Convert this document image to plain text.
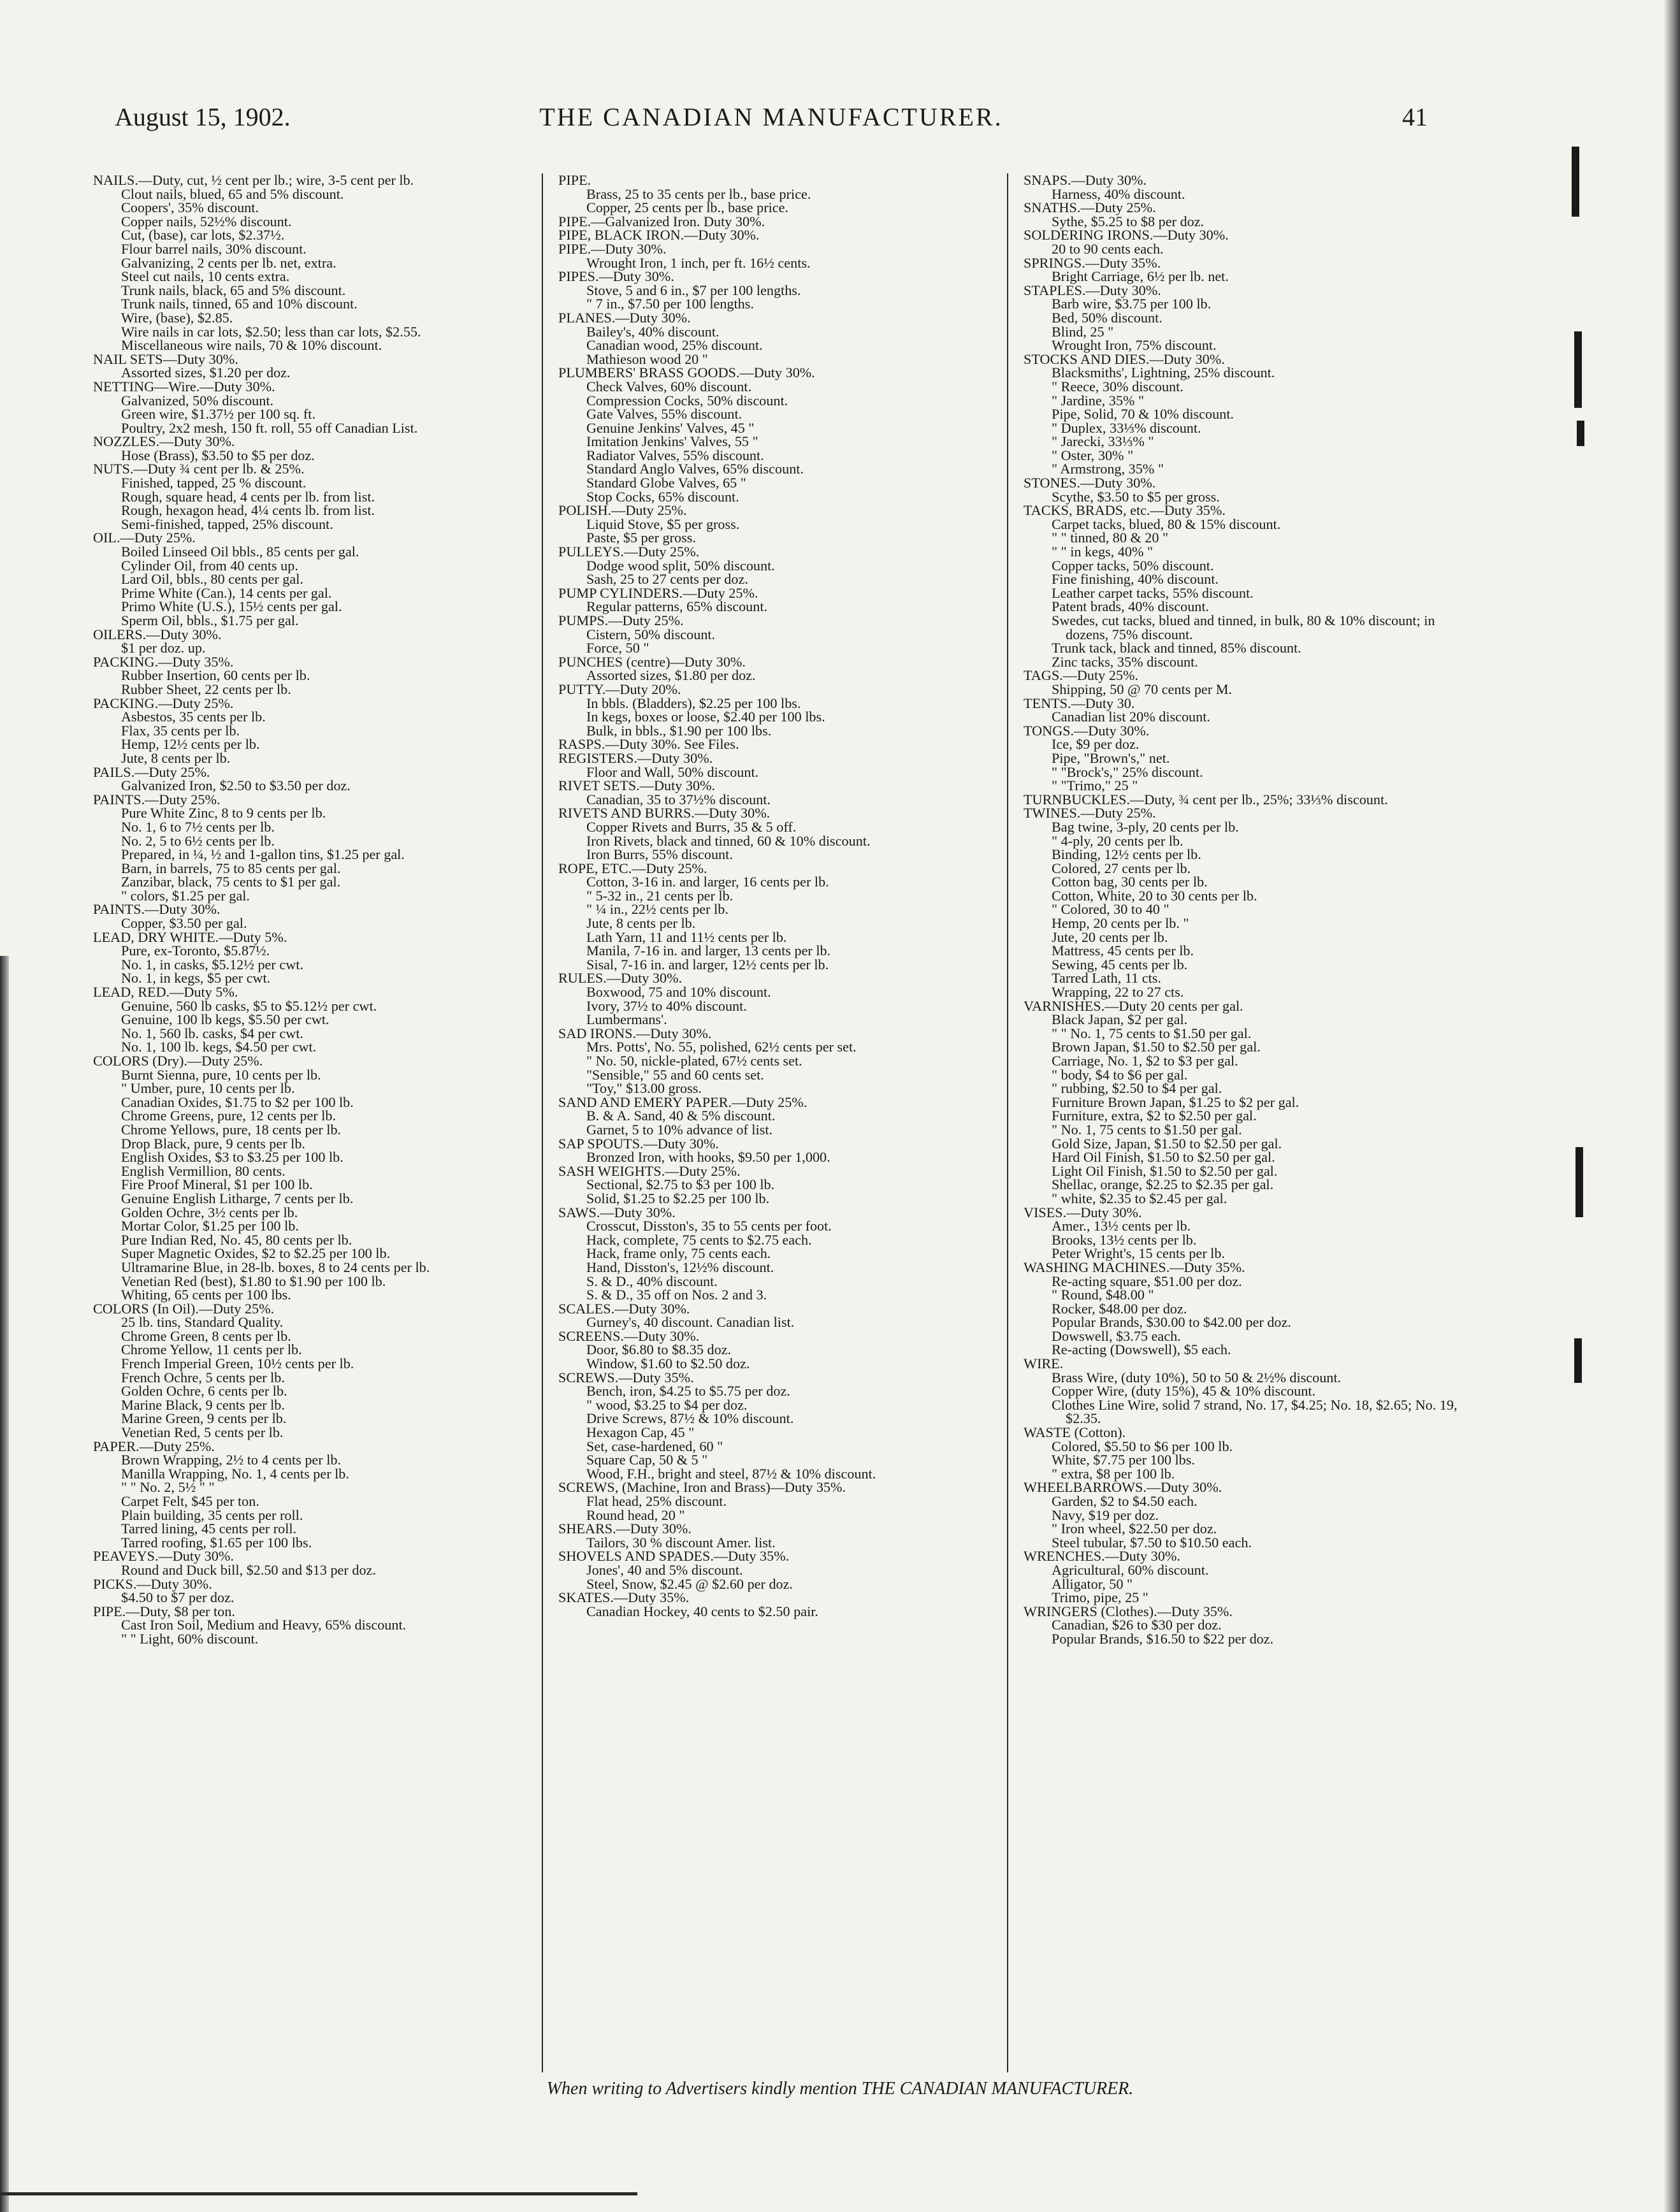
August 15, 1902.	THE CANADIAN MANUFACTURER.	41

NAILS.—Duty, cut, ½ cent per lb.; wire, 3-5 cent per lb.

Clout nails, blued, 65 and 5% discount.

Coopers', 35% discount.

Copper nails, 52½% discount.

Cut, (base), car lots, $2.37½.

Flour barrel nails, 30% discount.

Galvanizing, 2 cents per lb. net, extra.

Steel cut nails, 10 cents extra.

Trunk nails, black, 65 and 5% discount.

Trunk nails, tinned, 65 and 10% discount.

Wire, (base), $2.85.

Wire nails in car lots, $2.50; less than car lots, $2.55.

Miscellaneous wire nails, 70 & 10% discount.

NAIL SETS—Duty 30%.

Assorted sizes, $1.20 per doz.

NETTING—Wire.—Duty 30%.

Galvanized, 50% discount.

Green wire, $1.37½ per 100 sq. ft.

Poultry, 2x2 mesh, 150 ft. roll, 55 off Canadian List.

NOZZLES.—Duty 30%.

Hose (Brass), $3.50 to $5 per doz.

NUTS.—Duty ¾ cent per lb. & 25%.

Finished, tapped, 25 % discount.

Rough, square head, 4 cents per lb. from list.

Rough, hexagon head, 4¼ cents lb. from list.

Semi-finished, tapped, 25% discount.

OIL.—Duty 25%.

Boiled Linseed Oil bbls., 85 cents per gal.

Cylinder Oil, from 40 cents up.

Lard Oil, bbls., 80 cents per gal.

Prime White (Can.), 14 cents per gal.

Primo White (U.S.), 15½ cents per gal.

Sperm Oil, bbls., $1.75 per gal.

OILERS.—Duty 30%.

$1 per doz. up.

PACKING.—Duty 35%.

Rubber Insertion, 60 cents per lb.

Rubber Sheet, 22 cents per lb.

PACKING.—Duty 25%.

Asbestos, 35 cents per lb.

Flax, 35 cents per lb.

Hemp, 12½ cents per lb.

Jute, 8 cents per lb.

PAILS.—Duty 25%.

Galvanized Iron, $2.50 to $3.50 per doz.

PAINTS.—Duty 25%.

Pure White Zinc, 8 to 9 cents per lb.

No. 1, 6 to 7½ cents per lb.

No. 2, 5 to 6½ cents per lb.

Prepared, in ¼, ½ and 1-gallon tins, $1.25 per gal.

Barn, in barrels, 75 to 85 cents per gal.

Zanzibar, black, 75 cents to $1 per gal.

" colors, $1.25 per gal.

PAINTS.—Duty 30%.

Copper, $3.50 per gal.

LEAD, DRY WHITE.—Duty 5%.

Pure, ex-Toronto, $5.87½.

No. 1, in casks, $5.12½ per cwt.

No. 1, in kegs, $5 per cwt.

LEAD, RED.—Duty 5%.

Genuine, 560 lb casks, $5 to $5.12½ per cwt.

Genuine, 100 lb kegs, $5.50 per cwt.

No. 1, 560 lb. casks, $4 per cwt.

No. 1, 100 lb. kegs, $4.50 per cwt.

COLORS (Dry).—Duty 25%.

Burnt Sienna, pure, 10 cents per lb.

" Umber, pure, 10 cents per lb.

Canadian Oxides, $1.75 to $2 per 100 lb.

Chrome Greens, pure, 12 cents per lb.

Chrome Yellows, pure, 18 cents per lb.

Drop Black, pure, 9 cents per lb.

English Oxides, $3 to $3.25 per 100 lb.

English Vermillion, 80 cents.

Fire Proof Mineral, $1 per 100 lb.

Genuine English Litharge, 7 cents per lb.

Golden Ochre, 3½ cents per lb.

Mortar Color, $1.25 per 100 lb.

Pure Indian Red, No. 45, 80 cents per lb.

Super Magnetic Oxides, $2 to $2.25 per 100 lb.

Ultramarine Blue, in 28-lb. boxes, 8 to 24 cents per lb.

Venetian Red (best), $1.80 to $1.90 per 100 lb.

Whiting, 65 cents per 100 lbs.

COLORS (In Oil).—Duty 25%.

25 lb. tins, Standard Quality.

Chrome Green, 8 cents per lb.

Chrome Yellow, 11 cents per lb.

French Imperial Green, 10½ cents per lb.

French Ochre, 5 cents per lb.

Golden Ochre, 6 cents per lb.

Marine Black, 9 cents per lb.

Marine Green, 9 cents per lb.

Venetian Red, 5 cents per lb.

PAPER.—Duty 25%.

Brown Wrapping, 2½ to 4 cents per lb.

Manilla Wrapping, No. 1, 4 cents per lb.

" " No. 2, 5½ " "

Carpet Felt, $45 per ton.

Plain building, 35 cents per roll.

Tarred lining, 45 cents per roll.

Tarred roofing, $1.65 per 100 lbs.

PEAVEYS.—Duty 30%.

Round and Duck bill, $2.50 and $13 per doz.

PICKS.—Duty 30%.

$4.50 to $7 per doz.

PIPE.—Duty, $8 per ton.

Cast Iron Soil, Medium and Heavy, 65% discount.

" " Light, 60% discount.

PIPE.

Brass, 25 to 35 cents per lb., base price.

Copper, 25 cents per lb., base price.

PIPE.—Galvanized Iron. Duty 30%.

PIPE, BLACK IRON.—Duty 30%.

PIPE.—Duty 30%.

Wrought Iron, 1 inch, per ft. 16½ cents.

PIPES.—Duty 30%.

Stove, 5 and 6 in., $7 per 100 lengths.

" 7 in., $7.50 per 100 lengths.

PLANES.—Duty 30%.

Bailey's, 40% discount.

Canadian wood, 25% discount.

Mathieson wood 20 "

PLUMBERS' BRASS GOODS.—Duty 30%.

Check Valves, 60% discount.

Compression Cocks, 50% discount.

Gate Valves, 55% discount.

Genuine Jenkins' Valves, 45 "

Imitation Jenkins' Valves, 55 "

Radiator Valves, 55% discount.

Standard Anglo Valves, 65% discount.

Standard Globe Valves, 65 "

Stop Cocks, 65% discount.

POLISH.—Duty 25%.

Liquid Stove, $5 per gross.

Paste, $5 per gross.

PULLEYS.—Duty 25%.

Dodge wood split, 50% discount.

Sash, 25 to 27 cents per doz.

PUMP CYLINDERS.—Duty 25%.

Regular patterns, 65% discount.

PUMPS.—Duty 25%.

Cistern, 50% discount.

Force, 50 "

PUNCHES (centre)—Duty 30%.

Assorted sizes, $1.80 per doz.

PUTTY.—Duty 20%.

In bbls. (Bladders), $2.25 per 100 lbs.

In kegs, boxes or loose, $2.40 per 100 lbs.

Bulk, in bbls., $1.90 per 100 lbs.

RASPS.—Duty 30%. See Files.

REGISTERS.—Duty 30%.

Floor and Wall, 50% discount.

RIVET SETS.—Duty 30%.

Canadian, 35 to 37½% discount.

RIVETS AND BURRS.—Duty 30%.

Copper Rivets and Burrs, 35 & 5 off.

Iron Rivets, black and tinned, 60 & 10% discount.

Iron Burrs, 55% discount.

ROPE, ETC.—Duty 25%.

Cotton, 3-16 in. and larger, 16 cents per lb.

" 5-32 in., 21 cents per lb.

" ¼ in., 22½ cents per lb.

Jute, 8 cents per lb.

Lath Yarn, 11 and 11½ cents per lb.

Manila, 7-16 in. and larger, 13 cents per lb.

Sisal, 7-16 in. and larger, 12½ cents per lb.

RULES.—Duty 30%.

Boxwood, 75 and 10% discount.

Ivory, 37½ to 40% discount.

Lumbermans'.

SAD IRONS.—Duty 30%.

Mrs. Potts', No. 55, polished, 62½ cents per set.

" No. 50, nickle-plated, 67½ cents set.

"Sensible," 55 and 60 cents set.

"Toy," $13.00 gross.

SAND AND EMERY PAPER.—Duty 25%.

B. & A. Sand, 40 & 5% discount.

Garnet, 5 to 10% advance of list.

SAP SPOUTS.—Duty 30%.

Bronzed Iron, with hooks, $9.50 per 1,000.

SASH WEIGHTS.—Duty 25%.

Sectional, $2.75 to $3 per 100 lb.

Solid, $1.25 to $2.25 per 100 lb.

SAWS.—Duty 30%.

Crosscut, Disston's, 35 to 55 cents per foot.

Hack, complete, 75 cents to $2.75 each.

Hack, frame only, 75 cents each.

Hand, Disston's, 12½% discount.

S. & D., 40% discount.

S. & D., 35 off on Nos. 2 and 3.

SCALES.—Duty 30%.

Gurney's, 40 discount. Canadian list.

SCREENS.—Duty 30%.

Door, $6.80 to $8.35 doz.

Window, $1.60 to $2.50 doz.

SCREWS.—Duty 35%.

Bench, iron, $4.25 to $5.75 per doz.

" wood, $3.25 to $4 per doz.

Drive Screws, 87½ & 10% discount.

Hexagon Cap, 45 "

Set, case-hardened, 60 "

Square Cap, 50 & 5 "

Wood, F.H., bright and steel, 87½ & 10% discount.

SCREWS, (Machine, Iron and Brass)—Duty 35%.

Flat head, 25% discount.

Round head, 20 "

SHEARS.—Duty 30%.

Tailors, 30 % discount Amer. list.

SHOVELS AND SPADES.—Duty 35%.

Jones', 40 and 5% discount.

Steel, Snow, $2.45 @ $2.60 per doz.

SKATES.—Duty 35%.

Canadian Hockey, 40 cents to $2.50 pair.

SNAPS.—Duty 30%.

Harness, 40% discount.

SNATHS.—Duty 25%.

Sythe, $5.25 to $8 per doz.

SOLDERING IRONS.—Duty 30%.

20 to 90 cents each.

SPRINGS.—Duty 35%.

Bright Carriage, 6½ per lb. net.

STAPLES.—Duty 30%.

Barb wire, $3.75 per 100 lb.

Bed, 50% discount.

Blind, 25 "

Wrought Iron, 75% discount.

STOCKS AND DIES.—Duty 30%.

Blacksmiths', Lightning, 25% discount.

" Reece, 30% discount.

" Jardine, 35% "

Pipe, Solid, 70 & 10% discount.

" Duplex, 33⅓% discount.

" Jarecki, 33⅓% "

" Oster, 30% "

" Armstrong, 35% "

STONES.—Duty 30%.

Scythe, $3.50 to $5 per gross.

TACKS, BRADS, etc.—Duty 35%.

Carpet tacks, blued, 80 & 15% discount.

" " tinned, 80 & 20 "

" " in kegs, 40% "

Copper tacks, 50% discount.

Fine finishing, 40% discount.

Leather carpet tacks, 55% discount.

Patent brads, 40% discount.

Swedes, cut tacks, blued and tinned, in bulk, 80 & 10% discount; in dozens, 75% discount.

Trunk tack, black and tinned, 85% discount.

Zinc tacks, 35% discount.

TAGS.—Duty 25%.

Shipping, 50 @ 70 cents per M.

TENTS.—Duty 30.

Canadian list 20% discount.

TONGS.—Duty 30%.

Ice, $9 per doz.

Pipe, "Brown's," net.

" "Brock's," 25% discount.

" "Trimo," 25 "

TURNBUCKLES.—Duty, ¾ cent per lb., 25%; 33⅓% discount.

TWINES.—Duty 25%.

Bag twine, 3-ply, 20 cents per lb.

" 4-ply, 20 cents per lb.

Binding, 12½ cents per lb.

Colored, 27 cents per lb.

Cotton bag, 30 cents per lb.

Cotton, White, 20 to 30 cents per lb.

" Colored, 30 to 40 "

Hemp, 20 cents per lb. "

Jute, 20 cents per lb.

Mattress, 45 cents per lb.

Sewing, 45 cents per lb.

Tarred Lath, 11 cts.

Wrapping, 22 to 27 cts.

VARNISHES.—Duty 20 cents per gal.

Black Japan, $2 per gal.

" " No. 1, 75 cents to $1.50 per gal.

Brown Japan, $1.50 to $2.50 per gal.

Carriage, No. 1, $2 to $3 per gal.

" body, $4 to $6 per gal.

" rubbing, $2.50 to $4 per gal.

Furniture Brown Japan, $1.25 to $2 per gal.

Furniture, extra, $2 to $2.50 per gal.

" No. 1, 75 cents to $1.50 per gal.

Gold Size, Japan, $1.50 to $2.50 per gal.

Hard Oil Finish, $1.50 to $2.50 per gal.

Light Oil Finish, $1.50 to $2.50 per gal.

Shellac, orange, $2.25 to $2.35 per gal.

" white, $2.35 to $2.45 per gal.

VISES.—Duty 30%.

Amer., 13½ cents per lb.

Brooks, 13½ cents per lb.

Peter Wright's, 15 cents per lb.

WASHING MACHINES.—Duty 35%.

Re-acting square, $51.00 per doz.

" Round, $48.00 "

Rocker, $48.00 per doz.

Popular Brands, $30.00 to $42.00 per doz.

Dowswell, $3.75 each.

Re-acting (Dowswell), $5 each.

WIRE.

Brass Wire, (duty 10%), 50 to 50 & 2½% discount.

Copper Wire, (duty 15%), 45 & 10% discount.

Clothes Line Wire, solid 7 strand, No. 17, $4.25; No. 18, $2.65; No. 19, $2.35.

WASTE (Cotton).

Colored, $5.50 to $6 per 100 lb.

White, $7.75 per 100 lbs.

" extra, $8 per 100 lb.

WHEELBARROWS.—Duty 30%.

Garden, $2 to $4.50 each.

Navy, $19 per doz.

" Iron wheel, $22.50 per doz.

Steel tubular, $7.50 to $10.50 each.

WRENCHES.—Duty 30%.

Agricultural, 60% discount.

Alligator, 50 "

Trimo, pipe, 25 "

WRINGERS (Clothes).—Duty 35%.

Canadian, $26 to $30 per doz.

Popular Brands, $16.50 to $22 per doz.

When writing to Advertisers kindly mention THE CANADIAN MANUFACTURER.
